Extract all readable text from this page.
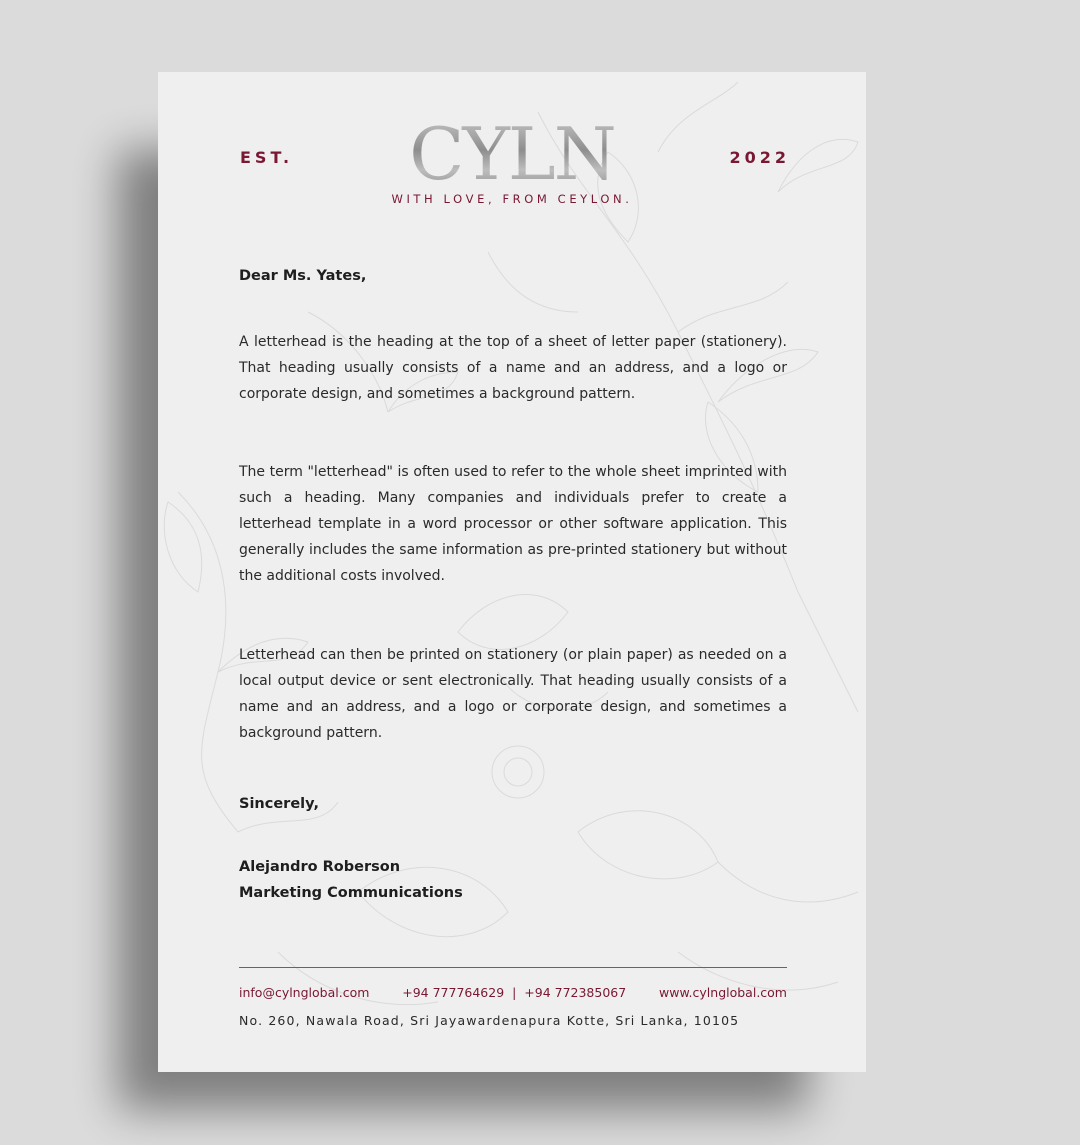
CYLN	2022
WITH LOVE, FROM CEYLON.
Dear Ms. Yates,
A letterhead is the heading at the top of a sheet of letter paper (stationery). That heading usually consists of a name and an address, and a logo or corporate design, and sometimes a background pattern.
The term "letterhead" is often used to refer to the whole sheet imprinted with such a heading. Many companies and individuals prefer to create a letterhead template in a word processor or other software application. This generally includes the same information as pre-printed stationery but without the additional costs involved.
Letterhead can then be printed on stationery (or plain paper) as needed on a local output device or sent electronically. That heading usually consists of a name and an address, and a logo or corporate design, and sometimes a background pattern.
Sincerely,
Alejandro Roberson
Marketing Communications
info@cylnglobal.com	+94 777764629  |  +94 772385067	www.cylnglobal.com
No. 260, Nawala Road, Sri Jayawardenapura Kotte, Sri Lanka, 10105
